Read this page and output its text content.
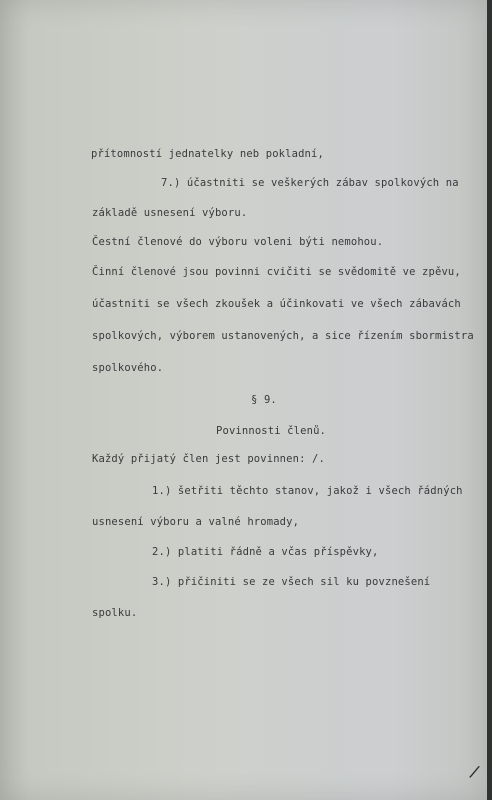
přítomností jednatelky neb pokladní,
7.) účastniti se veškerých zábav spolkových na
základě usnesení výboru.
Čestní členové do výboru voleni býti nemohou.
Činní členové jsou povinni cvičiti se svědomitě ve zpěvu,
účastniti se všech zkoušek a účinkovati ve všech zábavách
spolkových, výborem ustanovených, a sice řízením sbormistra
spolkového.
§ 9.
Povinnosti členů.
Každý přijatý člen jest povinnen: /.
1.) šetřiti těchto stanov, jakož i všech řádných
usnesení výboru a valné hromady,
2.) platiti řádně a včas příspěvky,
3.) přičiniti se ze všech sil ku povznešení
spolku.
/
